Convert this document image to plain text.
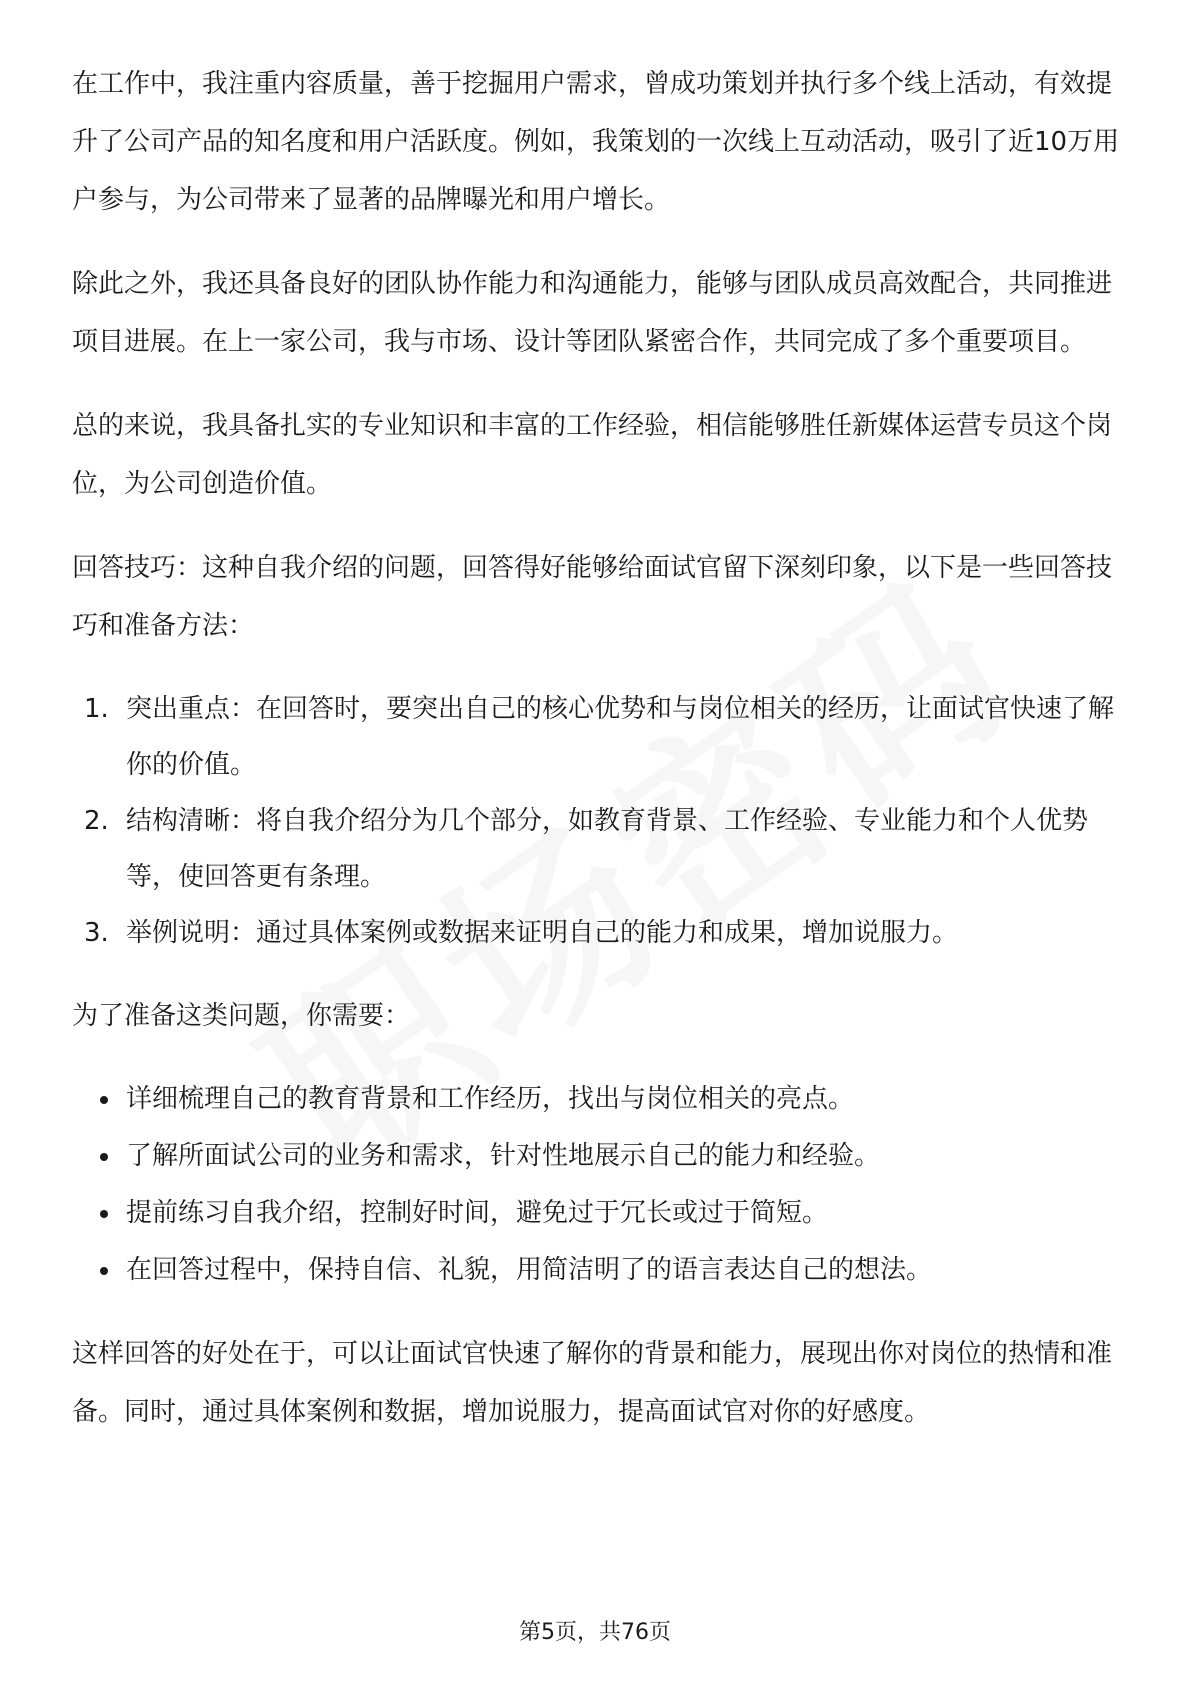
在工作中，我注重内容质量，善于挖掘用户需求，曾成功策划并执行多个线上活动，有效提升了公司产品的知名度和用户活跃度。例如，我策划的一次线上互动活动，吸引了近10万用户参与，为公司带来了显著的品牌曝光和用户增长。

除此之外，我还具备良好的团队协作能力和沟通能力，能够与团队成员高效配合，共同推进项目进展。在上一家公司，我与市场、设计等团队紧密合作，共同完成了多个重要项目。

总的来说，我具备扎实的专业知识和丰富的工作经验，相信能够胜任新媒体运营专员这个岗位，为公司创造价值。

回答技巧：这种自我介绍的问题，回答得好能够给面试官留下深刻印象，以下是一些回答技巧和准备方法：

1. 突出重点：在回答时，要突出自己的核心优势和与岗位相关的经历，让面试官快速了解你的价值。
2. 结构清晰：将自我介绍分为几个部分，如教育背景、工作经验、专业能力和个人优势等，使回答更有条理。
3. 举例说明：通过具体案例或数据来证明自己的能力和成果，增加说服力。

为了准备这类问题，你需要：

详细梳理自己的教育背景和工作经历，找出与岗位相关的亮点。
了解所面试公司的业务和需求，针对性地展示自己的能力和经验。
提前练习自我介绍，控制好时间，避免过于冗长或过于简短。
在回答过程中，保持自信、礼貌，用简洁明了的语言表达自己的想法。

这样回答的好处在于，可以让面试官快速了解你的背景和能力，展现出你对岗位的热情和准备。同时，通过具体案例和数据，增加说服力，提高面试官对你的好感度。

第5页，共76页
